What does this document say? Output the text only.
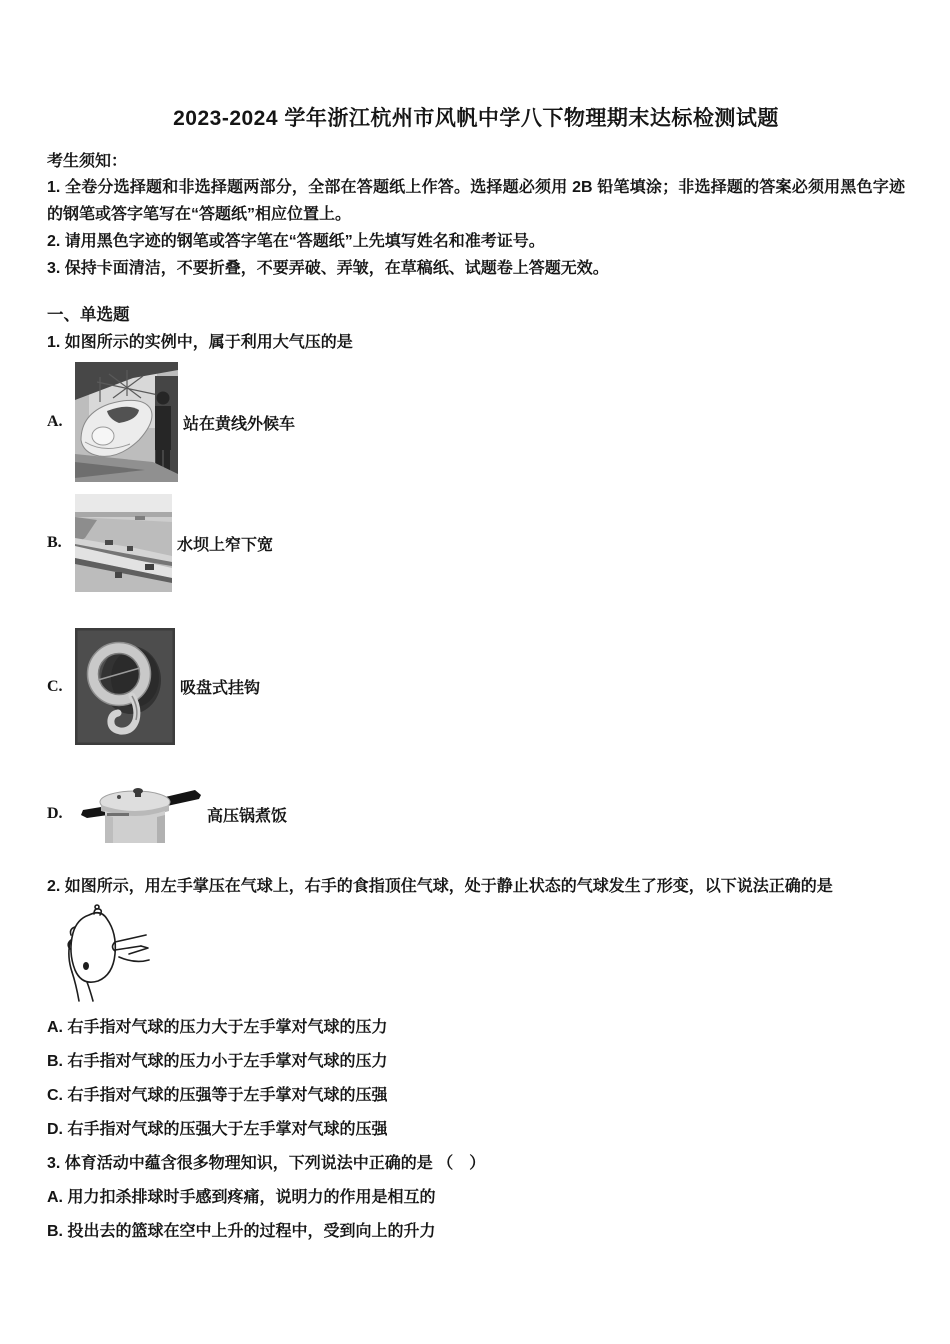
2023-2024 学年浙江杭州市风帆中学八下物理期末达标检测试题
考生须知：

1. 全卷分选择题和非选择题两部分，全部在答题纸上作答。选择题必须用 2B 铅笔填涂；非选择题的答案必须用黑色字迹的钢笔或答字笔写在“答题纸”相应位置上。

2. 请用黑色字迹的钢笔或答字笔在“答题纸”上先填写姓名和准考证号。

3. 保持卡面清洁，不要折叠，不要弄破、弄皱，在草稿纸、试题卷上答题无效。

一、单选题

1. 如图所示的实例中，属于利用大气压的是

A.	站在黄线外候车
B.	水坝上窄下宽
C.	吸盘式挂钩
D.	高压锅煮饭

2. 如图所示，用左手掌压在气球上，右手的食指顶住气球，处于静止状态的气球发生了形变，以下说法正确的是

A. 右手指对气球的压力大于左手掌对气球的压力

B. 右手指对气球的压力小于左手掌对气球的压力

C. 右手指对气球的压强等于左手掌对气球的压强

D. 右手指对气球的压强大于左手掌对气球的压强

3. 体育活动中蕴含很多物理知识，下列说法中正确的是 （　）

A. 用力扣杀排球时手感到疼痛，说明力的作用是相互的

B. 投出去的篮球在空中上升的过程中，受到向上的升力
